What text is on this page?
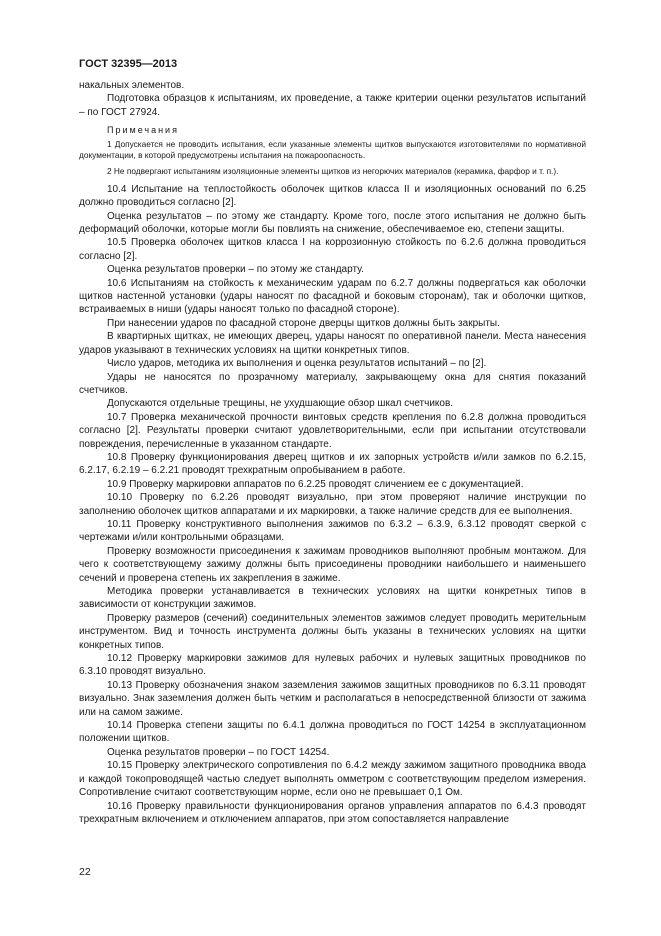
ГОСТ 32395—2013

накальных элементов.

Подготовка образцов к испытаниям, их проведение, а также критерии оценки результатов испытаний – по ГОСТ 27924.

Примечания
1 Допускается не проводить испытания, если указанные элементы щитков выпускаются изготовителями по нормативной документации, в которой предусмотрены испытания на пожароопасность.
2 Не подвергают испытаниям изоляционные элементы щитков из негорючих материалов (керамика, фарфор и т. п.).

10.4 Испытание на теплостойкость оболочек щитков класса II и изоляционных оснований по 6.25 должно проводиться согласно [2].

Оценка результатов – по этому же стандарту. Кроме того, после этого испытания не должно быть деформаций оболочки, которые могли бы повлиять на снижение, обеспечиваемое ею, степени защиты.

10.5 Проверка оболочек щитков класса I на коррозионную стойкость по 6.2.6 должна проводиться согласно [2].

Оценка результатов проверки – по этому же стандарту.

10.6 Испытаниям на стойкость к механическим ударам по 6.2.7 должны подвергаться как оболочки щитков настенной установки (удары наносят по фасадной и боковым сторонам), так и оболочки щитков, встраиваемых в ниши (удары наносят только по фасадной стороне).

При нанесении ударов по фасадной стороне дверцы щитков должны быть закрыты.

В квартирных щитках, не имеющих дверец, удары наносят по оперативной панели. Места нанесения ударов указывают в технических условиях на щитки конкретных типов.

Число ударов, методика их выполнения и оценка результатов испытаний – по [2].

Удары не наносятся по прозрачному материалу, закрывающему окна для снятия показаний счетчиков.

Допускаются отдельные трещины, не ухудшающие обзор шкал счетчиков.

10.7 Проверка механической прочности винтовых средств крепления по 6.2.8 должна проводиться согласно [2]. Результаты проверки считают удовлетворительными, если при испытании отсутствовали повреждения, перечисленные в указанном стандарте.

10.8 Проверку функционирования дверец щитков и их запорных устройств и/или замков по 6.2.15, 6.2.17, 6.2.19 – 6.2.21 проводят трехкратным опробыванием в работе.

10.9 Проверку маркировки аппаратов по 6.2.25 проводят сличением ее с документацией.

10.10 Проверку по 6.2.26 проводят визуально, при этом проверяют наличие инструкции по заполнению оболочек щитков аппаратами и их маркировки, а также наличие средств для ее выполнения.

10.11 Проверку конструктивного выполнения зажимов по 6.3.2 – 6.3.9, 6.3.12 проводят сверкой с чертежами и/или контрольными образцами.

Проверку возможности присоединения к зажимам проводников выполняют пробным монтажом. Для чего к соответствующему зажиму должны быть присоединены проводники наибольшего и наименьшего сечений и проверена степень их закрепления в зажиме.

Методика проверки устанавливается в технических условиях на щитки конкретных типов в зависимости от конструкции зажимов.

Проверку размеров (сечений) соединительных элементов зажимов следует проводить мерительным инструментом. Вид и точность инструмента должны быть указаны в технических условиях на щитки конкретных типов.

10.12 Проверку маркировки зажимов для нулевых рабочих и нулевых защитных проводников по 6.3.10 проводят визуально.

10.13 Проверку обозначения знаком заземления зажимов защитных проводников по 6.3.11 проводят визуально. Знак заземления должен быть четким и располагаться в непосредственной близости от зажима или на самом зажиме.

10.14 Проверка степени защиты по 6.4.1 должна проводиться по ГОСТ 14254 в эксплуатационном положении щитков.

Оценка результатов проверки – по ГОСТ 14254.

10.15 Проверку электрического сопротивления по 6.4.2 между зажимом защитного проводника ввода и каждой токопроводящей частью следует выполнять омметром с соответствующим пределом измерения. Сопротивление считают соответствующим норме, если оно не превышает 0,1 Ом.

10.16 Проверку правильности функционирования органов управления аппаратов по 6.4.3 проводят трехкратным включением и отключением аппаратов, при этом сопоставляется направление

22
